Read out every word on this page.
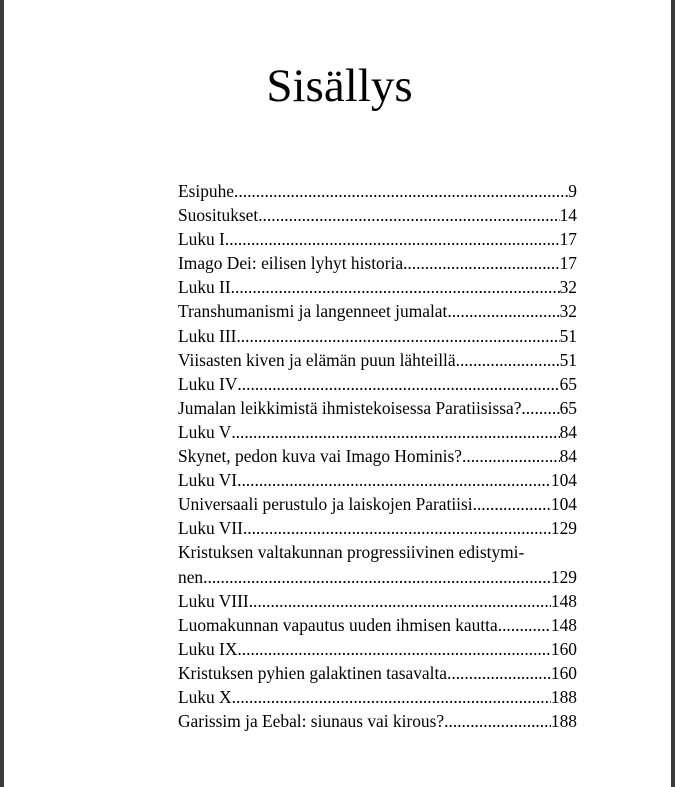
Sisällys
Esipuhe .....	9
Suositukset .....	14
Luku I .....	17
Imago Dei: eilisen lyhyt historia .....	17
Luku II .....	32
Transhumanismi ja langenneet jumalat .....	32
Luku III .....	51
Viisasten kiven ja elämän puun lähteillä .....	51
Luku IV .....	65
Jumalan leikkimistä ihmistekoisessa Paratiisissa? ..... 65
Luku V .....	84
Skynet, pedon kuva vai Imago Hominis? .....	84
Luku VI .....	104
Universaali perustulo ja laiskojen Paratiisi .....	104
Luku VII .....	129
Kristuksen valtakunnan progressiivinen edistymi-
nen .....	129
Luku VIII .....	148
Luomakunnan vapautus uuden ihmisen kautta .....	148
Luku IX .....	160
Kristuksen pyhien galaktinen tasavalta .....	160
Luku X .....	188
Garissim ja Eebal: siunaus vai kirous? .....	188
